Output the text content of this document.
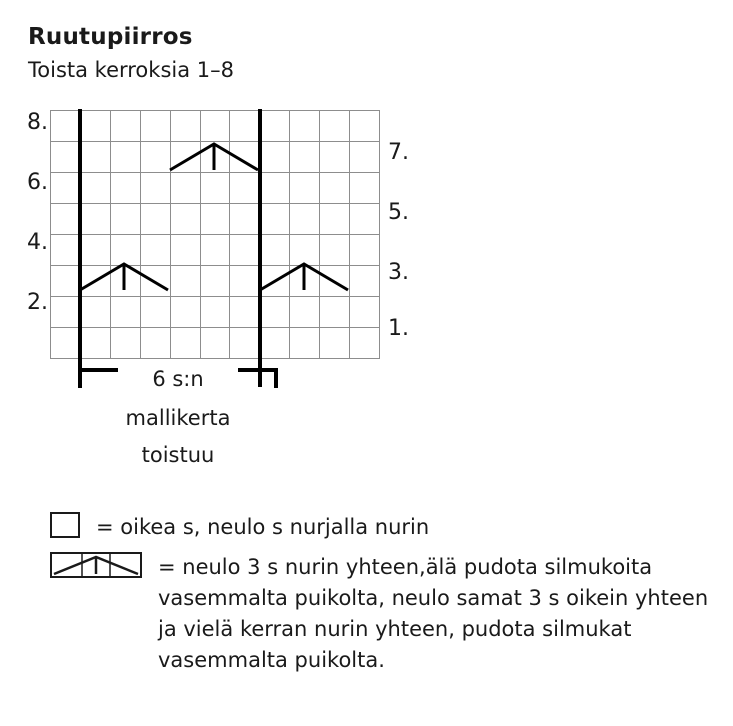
Ruutupiirros
Toista kerroksia 1–8

8.
6.
4.
2.
7.
5.
3.
1.
6 s:n
mallikerta
toistuu
= oikea s, neulo s nurjalla nurin
= neulo 3 s nurin yhteen,älä pudota silmukoita vasemmalta puikolta, neulo samat 3 s oikein yhteen ja vielä kerran nurin yhteen, pudota silmukat vasemmalta puikolta.
